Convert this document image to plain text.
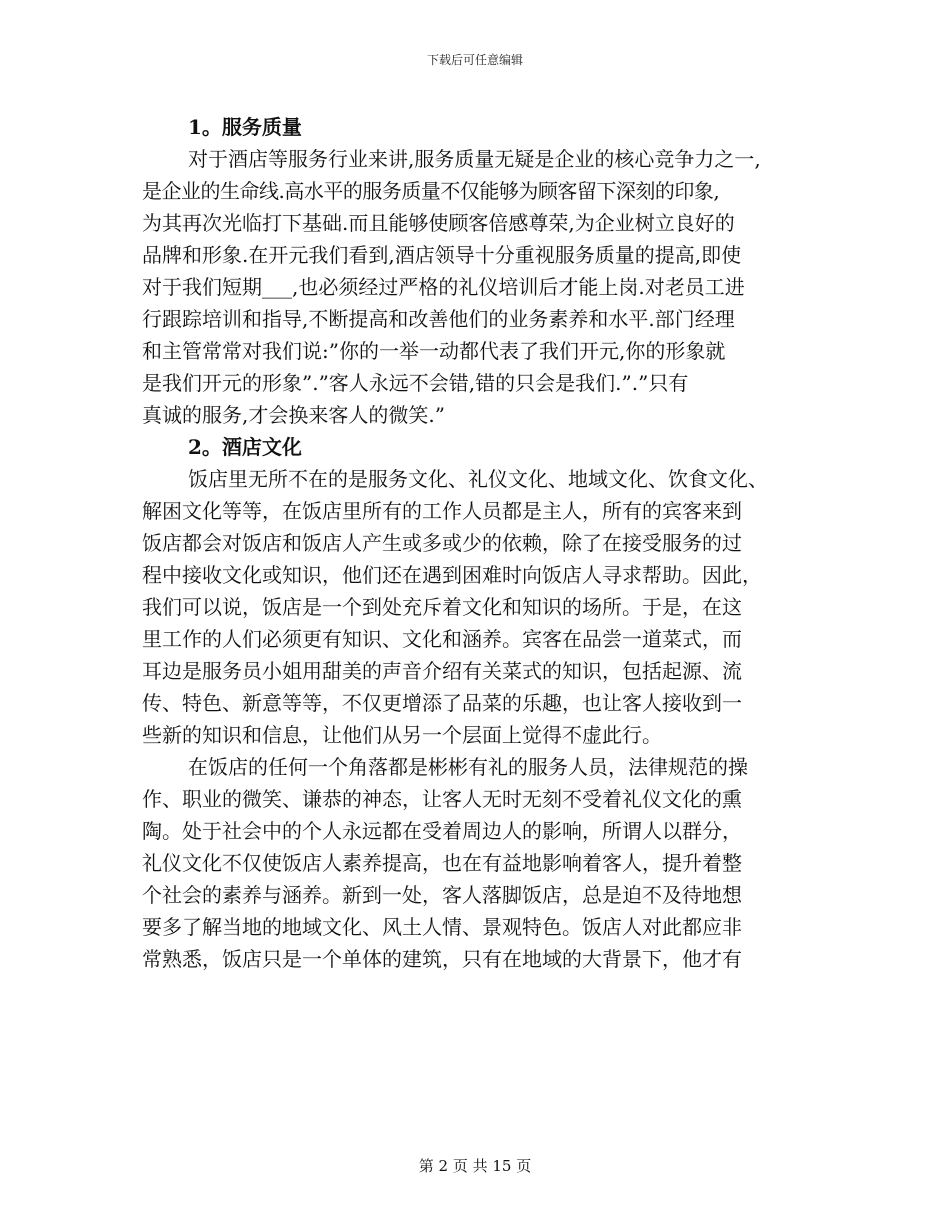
下载后可任意编辑
1。服务质量
对于酒店等服务行业来讲,服务质量无疑是企业的核心竞争力之一,
是企业的生命线.高水平的服务质量不仅能够为顾客留下深刻的印象,
为其再次光临打下基础.而且能够使顾客倍感尊荣,为企业树立良好的
品牌和形象.在开元我们看到,酒店领导十分重视服务质量的提高,即使
对于我们短期___,也必须经过严格的礼仪培训后才能上岗.对老员工进
行跟踪培训和指导,不断提高和改善他们的业务素养和水平.部门经理
和主管常常对我们说:”你的一举一动都代表了我们开元,你的形象就
是我们开元的形象”.”客人永远不会错,错的只会是我们.”.”只有
真诚的服务,才会换来客人的微笑.”
2。酒店文化
饭店里无所不在的是服务文化、礼仪文化、地域文化、饮食文化、
解困文化等等，在饭店里所有的工作人员都是主人，所有的宾客来到
饭店都会对饭店和饭店人产生或多或少的依赖，除了在接受服务的过
程中接收文化或知识，他们还在遇到困难时向饭店人寻求帮助。因此，
我们可以说，饭店是一个到处充斥着文化和知识的场所。于是，在这
里工作的人们必须更有知识、文化和涵养。宾客在品尝一道菜式，而
耳边是服务员小姐用甜美的声音介绍有关菜式的知识，包括起源、流
传、特色、新意等等，不仅更增添了品菜的乐趣，也让客人接收到一
些新的知识和信息，让他们从另一个层面上觉得不虚此行。
在饭店的任何一个角落都是彬彬有礼的服务人员，法律规范的操
作、职业的微笑、谦恭的神态，让客人无时无刻不受着礼仪文化的熏
陶。处于社会中的个人永远都在受着周边人的影响，所谓人以群分，
礼仪文化不仅使饭店人素养提高，也在有益地影响着客人，提升着整
个社会的素养与涵养。新到一处，客人落脚饭店，总是迫不及待地想
要多了解当地的地域文化、风土人情、景观特色。饭店人对此都应非
常熟悉，饭店只是一个单体的建筑，只有在地域的大背景下，他才有
第 2 页 共 15 页
